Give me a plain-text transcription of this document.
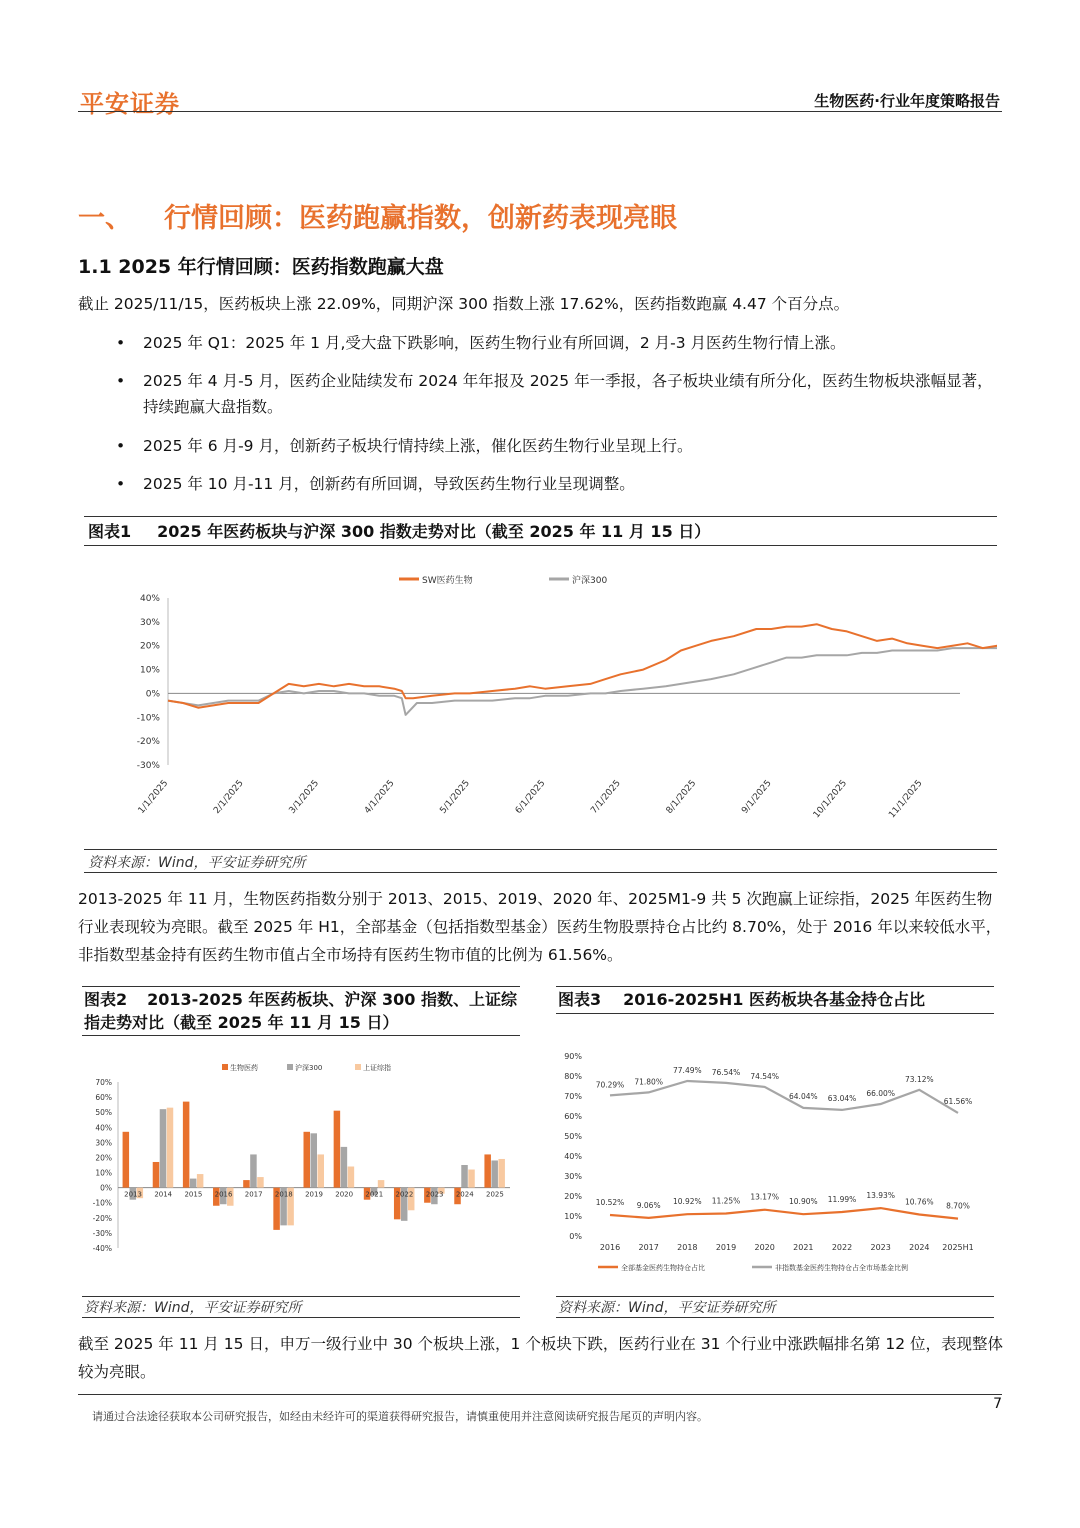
平安证券	生物医药·行业年度策略报告
一、 行情回顾：医药跑赢指数，创新药表现亮眼
1.1 2025 年行情回顾：医药指数跑赢大盘
截止 2025/11/15，医药板块上涨 22.09%，同期沪深 300 指数上涨 17.62%，医药指数跑赢 4.47 个百分点。
• 2025 年 Q1：2025 年 1 月,受大盘下跌影响，医药生物行业有所回调，2 月-3 月医药生物行情上涨。
• 2025 年 4 月-5 月，医药企业陆续发布 2024 年年报及 2025 年一季报，各子板块业绩有所分化，医药生物板块涨幅显著，持续跑赢大盘指数。
• 2025 年 6 月-9 月，创新药子板块行情持续上涨，催化医药生物行业呈现上行。
• 2025 年 10 月-11 月，创新药有所回调，导致医药生物行业呈现调整。
图表1 2025 年医药板块与沪深 300 指数走势对比（截至 2025 年 11 月 15 日）
SW医药生物	沪深300
40%
30%
20%
10%
0%
-10%
-20%
-30%
1/1/2025	2/1/2025	3/1/2025	4/1/2025	5/1/2025	6/1/2025	7/1/2025	8/1/2025	9/1/2025	10/1/2025	11/1/2025
资料来源：Wind，平安证券研究所
2013-2025 年 11 月，生物医药指数分别于 2013、2015、2019、2020 年、2025M1-9 共 5 次跑赢上证综指，2025 年医药生物行业表现较为亮眼。截至 2025 年 H1，全部基金（包括指数型基金）医药生物股票持仓占比约 8.70%，处于 2016 年以来较低水平，非指数型基金持有医药生物市值占全市场持有医药生物市值的比例为 61.56%。
图表2 2013-2025 年医药板块、沪深 300 指数、上证综指走势对比（截至 2025 年 11 月 15 日）
生物医药	沪深300	上证综指
70%
60%
50%
40%
30%
20%
10%
0%
-10%
-20%
-30%
-40%
2013 2014 2015 2016 2017 2018 2019 2020 2021 2022 2023 2024 2025
资料来源：Wind，平安证券研究所
图表3 2016-2025H1 医药板块各基金持仓占比
90%
80%
70%
60%
50%
40%
30%
20%
10%
0%
2016 2017 2018 2019 2020 2021 2022 2023 2024 2025H1
10.52% 9.06% 10.92% 11.25% 13.17%
10.90% 11.99% 13.93%
10.76% 8.70%
70.29% 71.80%
77.49% 76.54% 74.54%
64.04% 63.04%
66.00%
73.12%
61.56%
全部基金医药生物持仓占比	非指数基金医药生物持仓占全市场基金比例
资料来源：Wind，平安证券研究所
截至 2025 年 11 月 15 日，申万一级行业中 30 个板块上涨，1 个板块下跌，医药行业在 31 个行业中涨跌幅排名第 12 位，表现整体较为亮眼。
7
请通过合法途径获取本公司研究报告，如经由未经许可的渠道获得研究报告，请慎重使用并注意阅读研究报告尾页的声明内容。
